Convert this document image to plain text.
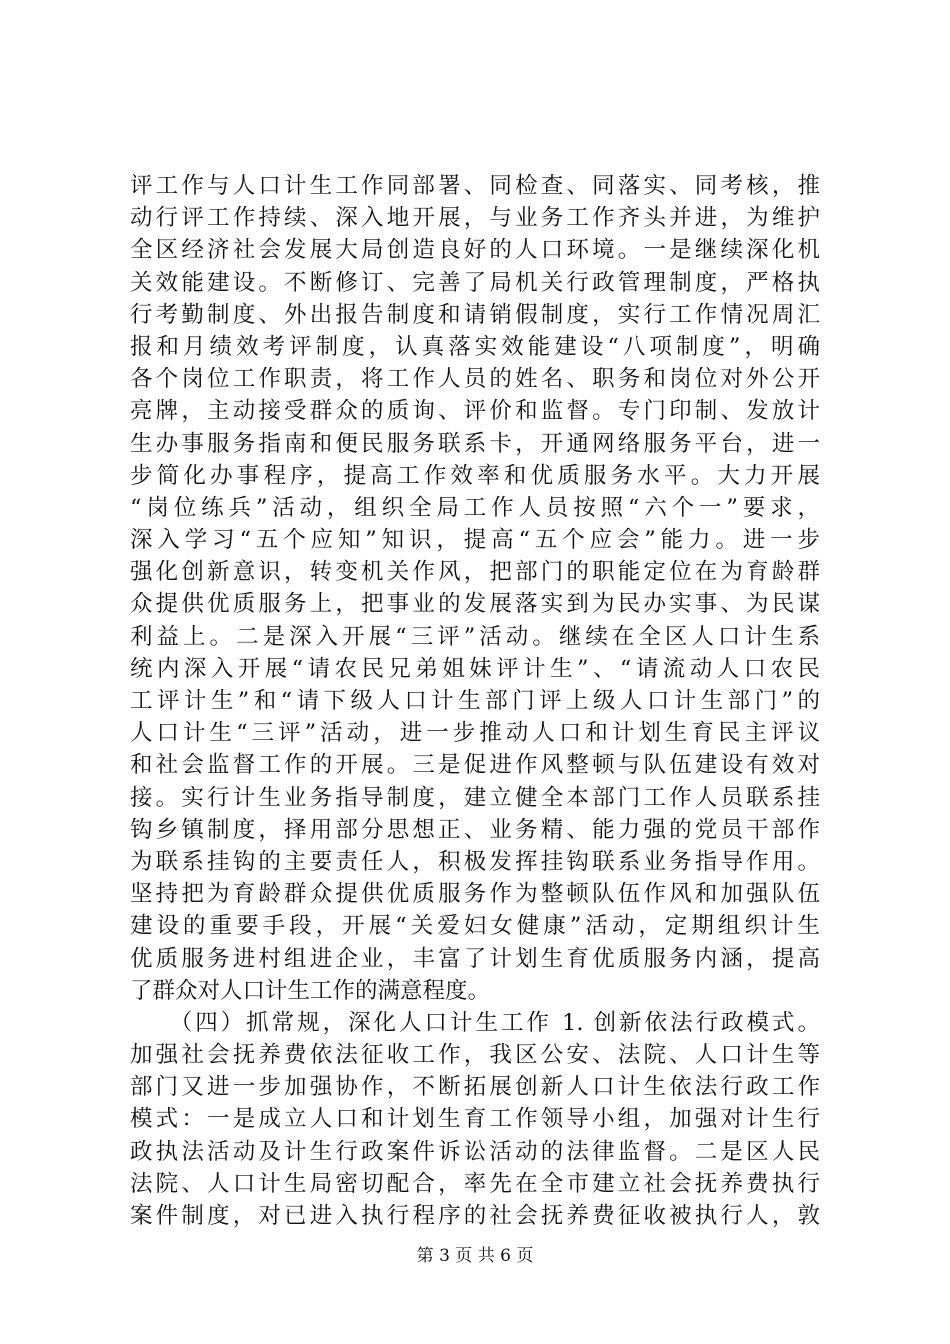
评工作与人口计生工作同部署、同检查、同落实、同考核，推
动行评工作持续、深入地开展，与业务工作齐头并进，为维护
全区经济社会发展大局创造良好的人口环境。一是继续深化机
关效能建设。不断修订、完善了局机关行政管理制度，严格执
行考勤制度、外出报告制度和请销假制度，实行工作情况周汇
报和月绩效考评制度，认真落实效能建设“八项制度”，明确
各个岗位工作职责，将工作人员的姓名、职务和岗位对外公开
亮牌，主动接受群众的质询、评价和监督。专门印制、发放计
生办事服务指南和便民服务联系卡，开通网络服务平台，进一
步简化办事程序，提高工作效率和优质服务水平。大力开展
“岗位练兵”活动，组织全局工作人员按照“六个一”要求，
深入学习“五个应知”知识，提高“五个应会”能力。进一步
强化创新意识，转变机关作风，把部门的职能定位在为育龄群
众提供优质服务上，把事业的发展落实到为民办实事、为民谋
利益上。二是深入开展“三评”活动。继续在全区人口计生系
统内深入开展“请农民兄弟姐妹评计生”、“请流动人口农民
工评计生”和“请下级人口计生部门评上级人口计生部门”的
人口计生“三评”活动，进一步推动人口和计划生育民主评议
和社会监督工作的开展。三是促进作风整顿与队伍建设有效对
接。实行计生业务指导制度，建立健全本部门工作人员联系挂
钩乡镇制度，择用部分思想正、业务精、能力强的党员干部作
为联系挂钩的主要责任人，积极发挥挂钩联系业务指导作用。
坚持把为育龄群众提供优质服务作为整顿队伍作风和加强队伍
建设的重要手段，开展“关爱妇女健康”活动，定期组织计生
优质服务进村组进企业，丰富了计划生育优质服务内涵，提高
了群众对人口计生工作的满意程度。
　　（四）抓常规，深化人口计生工作 1. 创新依法行政模式。
加强社会抚养费依法征收工作，我区公安、法院、人口计生等
部门又进一步加强协作，不断拓展创新人口计生依法行政工作
模式：一是成立人口和计划生育工作领导小组，加强对计生行
政执法活动及计生行政案件诉讼活动的法律监督。二是区人民
法院、人口计生局密切配合，率先在全市建立社会抚养费执行
案件制度，对已进入执行程序的社会抚养费征收被执行人，敦
第 3 页 共 6 页
